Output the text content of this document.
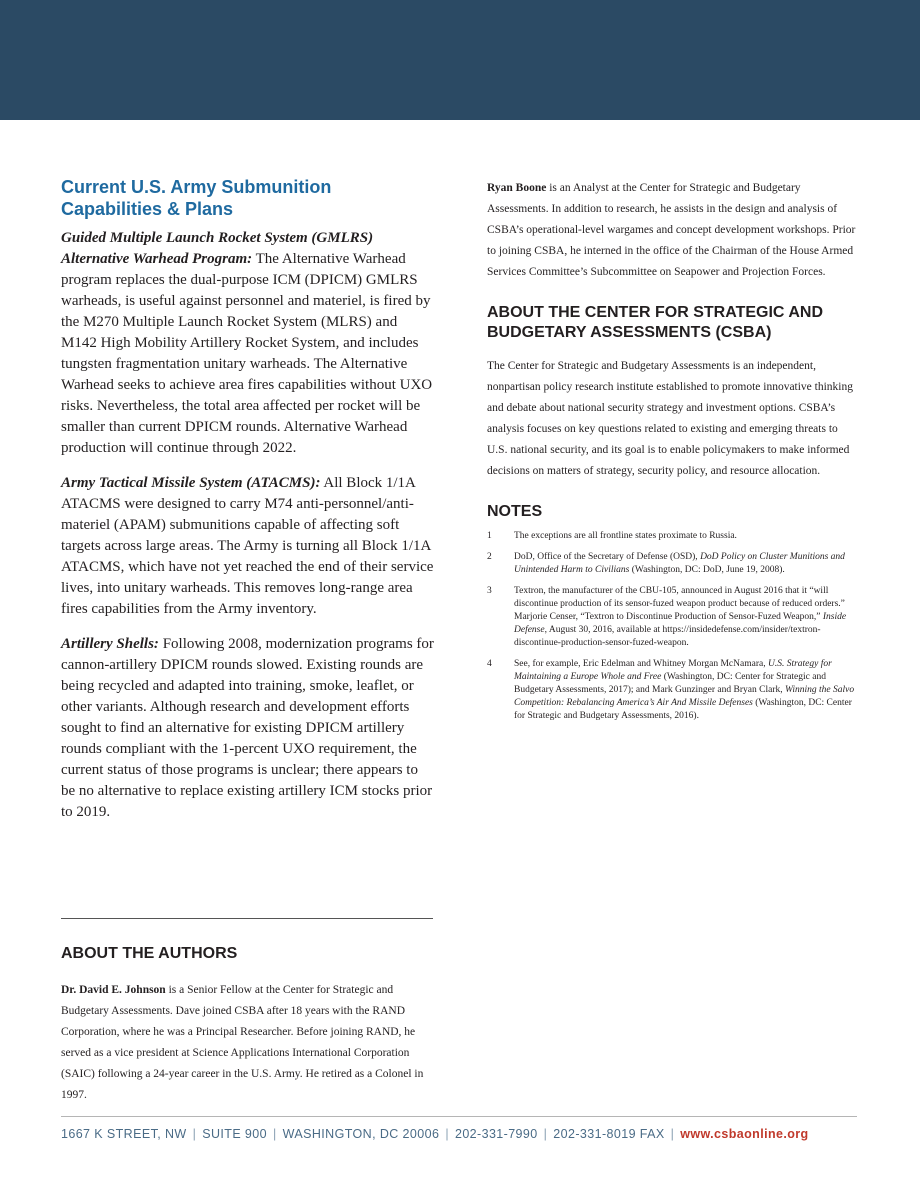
Current U.S. Army Submunition Capabilities & Plans

Guided Multiple Launch Rocket System (GMLRS) Alternative Warhead Program: The Alternative Warhead program replaces the dual-purpose ICM (DPICM) GMLRS warheads, is useful against personnel and materiel, is fired by the M270 Multiple Launch Rocket System (MLRS) and M142 High Mobility Artillery Rocket System, and includes tungsten fragmentation unitary warheads. The Alternative Warhead seeks to achieve area fires capabilities without UXO risks. Nevertheless, the total area affected per rocket will be smaller than current DPICM rounds. Alternative Warhead production will continue through 2022.

Army Tactical Missile System (ATACMS): All Block 1/1A ATACMS were designed to carry M74 anti-personnel/anti-materiel (APAM) submunitions capable of affecting soft targets across large areas. The Army is turning all Block 1/1A ATACMS, which have not yet reached the end of their service lives, into unitary warheads. This removes long-range area fires capabilities from the Army inventory.

Artillery Shells: Following 2008, modernization programs for cannon-artillery DPICM rounds slowed. Existing rounds are being recycled and adapted into training, smoke, leaflet, or other variants. Although research and development efforts sought to find an alternative for existing DPICM artillery rounds compliant with the 1-percent UXO requirement, the current status of those programs is unclear; there appears to be no alternative to replace existing artillery ICM stocks prior to 2019.

ABOUT THE AUTHORS

Dr. David E. Johnson is a Senior Fellow at the Center for Strategic and Budgetary Assessments. Dave joined CSBA after 18 years with the RAND Corporation, where he was a Principal Researcher. Before joining RAND, he served as a vice president at Science Applications International Corporation (SAIC) following a 24-year career in the U.S. Army. He retired as a Colonel in 1997.

Ryan Boone is an Analyst at the Center for Strategic and Budgetary Assessments. In addition to research, he assists in the design and analysis of CSBA’s operational-level wargames and concept development workshops. Prior to joining CSBA, he interned in the office of the Chairman of the House Armed Services Committee’s Subcommittee on Seapower and Projection Forces.

ABOUT THE CENTER FOR STRATEGIC AND BUDGETARY ASSESSMENTS (CSBA)

The Center for Strategic and Budgetary Assessments is an independent, nonpartisan policy research institute established to promote innovative thinking and debate about national security strategy and investment options. CSBA’s analysis focuses on key questions related to existing and emerging threats to U.S. national security, and its goal is to enable policymakers to make informed decisions on matters of strategy, security policy, and resource allocation.

NOTES
1 The exceptions are all frontline states proximate to Russia.
2 DoD, Office of the Secretary of Defense (OSD), DoD Policy on Cluster Munitions and Unintended Harm to Civilians (Washington, DC: DoD, June 19, 2008).
3 Textron, the manufacturer of the CBU-105, announced in August 2016 that it “will discontinue production of its sensor-fuzed weapon product because of reduced orders.” Marjorie Censer, “Textron to Discontinue Production of Sensor-Fuzed Weapon,” Inside Defense, August 30, 2016, available at https://insidedefense.com/insider/textron-discontinue-production-sensor-fuzed-weapon.
4 See, for example, Eric Edelman and Whitney Morgan McNamara, U.S. Strategy for Maintaining a Europe Whole and Free (Washington, DC: Center for Strategic and Budgetary Assessments, 2017); and Mark Gunzinger and Bryan Clark, Winning the Salvo Competition: Rebalancing America’s Air And Missile Defenses (Washington, DC: Center for Strategic and Budgetary Assessments, 2016).
1667 K STREET, NW | SUITE 900 | WASHINGTON, DC 20006 | 202-331-7990 | 202-331-8019 FAX | www.csbaonline.org
